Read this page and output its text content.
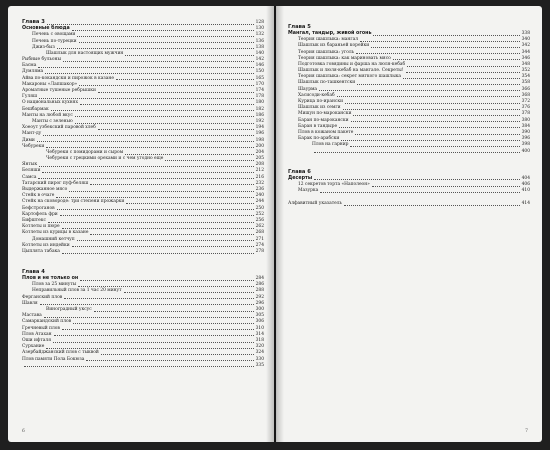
Глава 3	128
Основные блюда	130
Печень с овощами	132
Печень по-турецки	136
Джиз-быз	138
Шашлык для настоящих мужчин	140
Рыбные бульоны	142
Басма	146
Думляма	150
Айва по-кокандски и пирожок в казане	165
Макароны «Лапшакор»	170
Ароматные тушеные ребрышки	174
Гуляш	178
О национальных кухнях	180
Бешбармак	182
Манты на любой вкус	186
Манты с зеленью	192
Хоеоут узбекский паровой хлеб	194
Мант-ду	196
Дими	198
Чебуреки	200
Чебуреки с помидорами и сыром	204
Чебуреки с грецкими орехами и с чем угодно еще	205
Янтык	208
Беляши	212
Самса	216
Татарский пирог пуф-беляш	232
Выдержанное мясо	236
Стейк в очаге	240
Стейк на сковороде: три степени прожарки	244
Бефстроганов	250
Картофель фри	252
Бифштекс	256
Котлеты и пюре	262
Котлеты из курицы в казане	268
Домашний кетчуп	271
Котлеты из индейки	274
Цыплята табака	278
Глава 4
Плов и не только он	284
Плов за 25 минуты	286
Неправильный плов за 1 час 20 минут	288
Ферганский плов	292
Шавля	296
Виноградный уксус	300
Мастава	305
Самаркандский плов	306
Гречневый плов	310
Плов Атахан	314
Оши ифталя	318
Сурхание	320
Азербайджанский плов с тыквой	324
Плов памяти Пола Бокюза	330
335
6
Глава 5
Мангал, тандыр, живой огонь	338
Теория шашлыка: мангал	340
Шашлык из бараньей корейки	342
Теория шашлыка: уголь	344
Теория шашлыка: как мариновать мясо	346
Подготовка говядины и фарша на люля-кебаб	348
Шашлык и люля-кебаб на мангале. Секреты!	352
Теория шашлыка: секрет мягкого шашлыка	354
Шашлык по-ташкентски	358
Шаурма	366
Хасисоди-кебаб	368
Курица по-ирански	372
Шашлык из семги	376
Мишун по-марокански	378
Баран по-марокански	380
Баран в тандыре	384
Плов в кожаном пакете	390
Барак по-арабски	396
Плов на гарнир	398
400
Глава 6
Десерты	404
12 секретов торта «Наполеон»	406
Мазурка	410
Алфавитный указатель	414
7
